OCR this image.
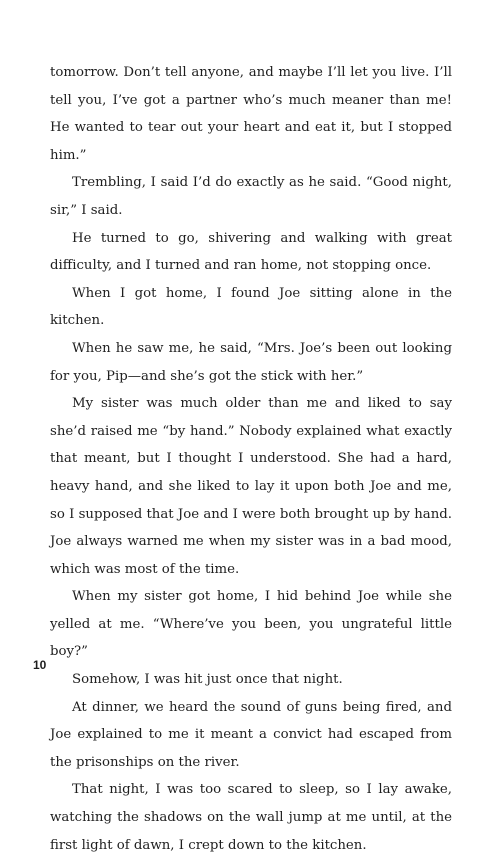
tomorrow. Don’t tell anyone, and maybe I’ll let you live. I’ll tell you, I’ve got a partner who’s much meaner than me! He wanted to tear out your heart and eat it, but I stopped him.”

Trembling, I said I’d do exactly as he said. “Good night, sir,” I said.

He turned to go, shivering and walking with great difficulty, and I turned and ran home, not stopping once.

When I got home, I found Joe sitting alone in the kitchen.

When he saw me, he said, “Mrs. Joe’s been out looking for you, Pip—and she’s got the stick with her.”

My sister was much older than me and liked to say she’d raised me “by hand.” Nobody explained what exactly that meant, but I thought I understood. She had a hard, heavy hand, and she liked to lay it upon both Joe and me, so I supposed that Joe and I were both brought up by hand. Joe always warned me when my sister was in a bad mood, which was most of the time.

When my sister got home, I hid behind Joe while she yelled at me. “Where’ve you been, you ungrateful little boy?”

Somehow, I was hit just once that night.

At dinner, we heard the sound of guns being fired, and Joe explained to me it meant a convict had escaped from the prisonships on the river.

That night, I was too scared to sleep, so I lay awake, watching the shadows on the wall jump at me until, at the first light of dawn, I crept down to the kitchen.

10
